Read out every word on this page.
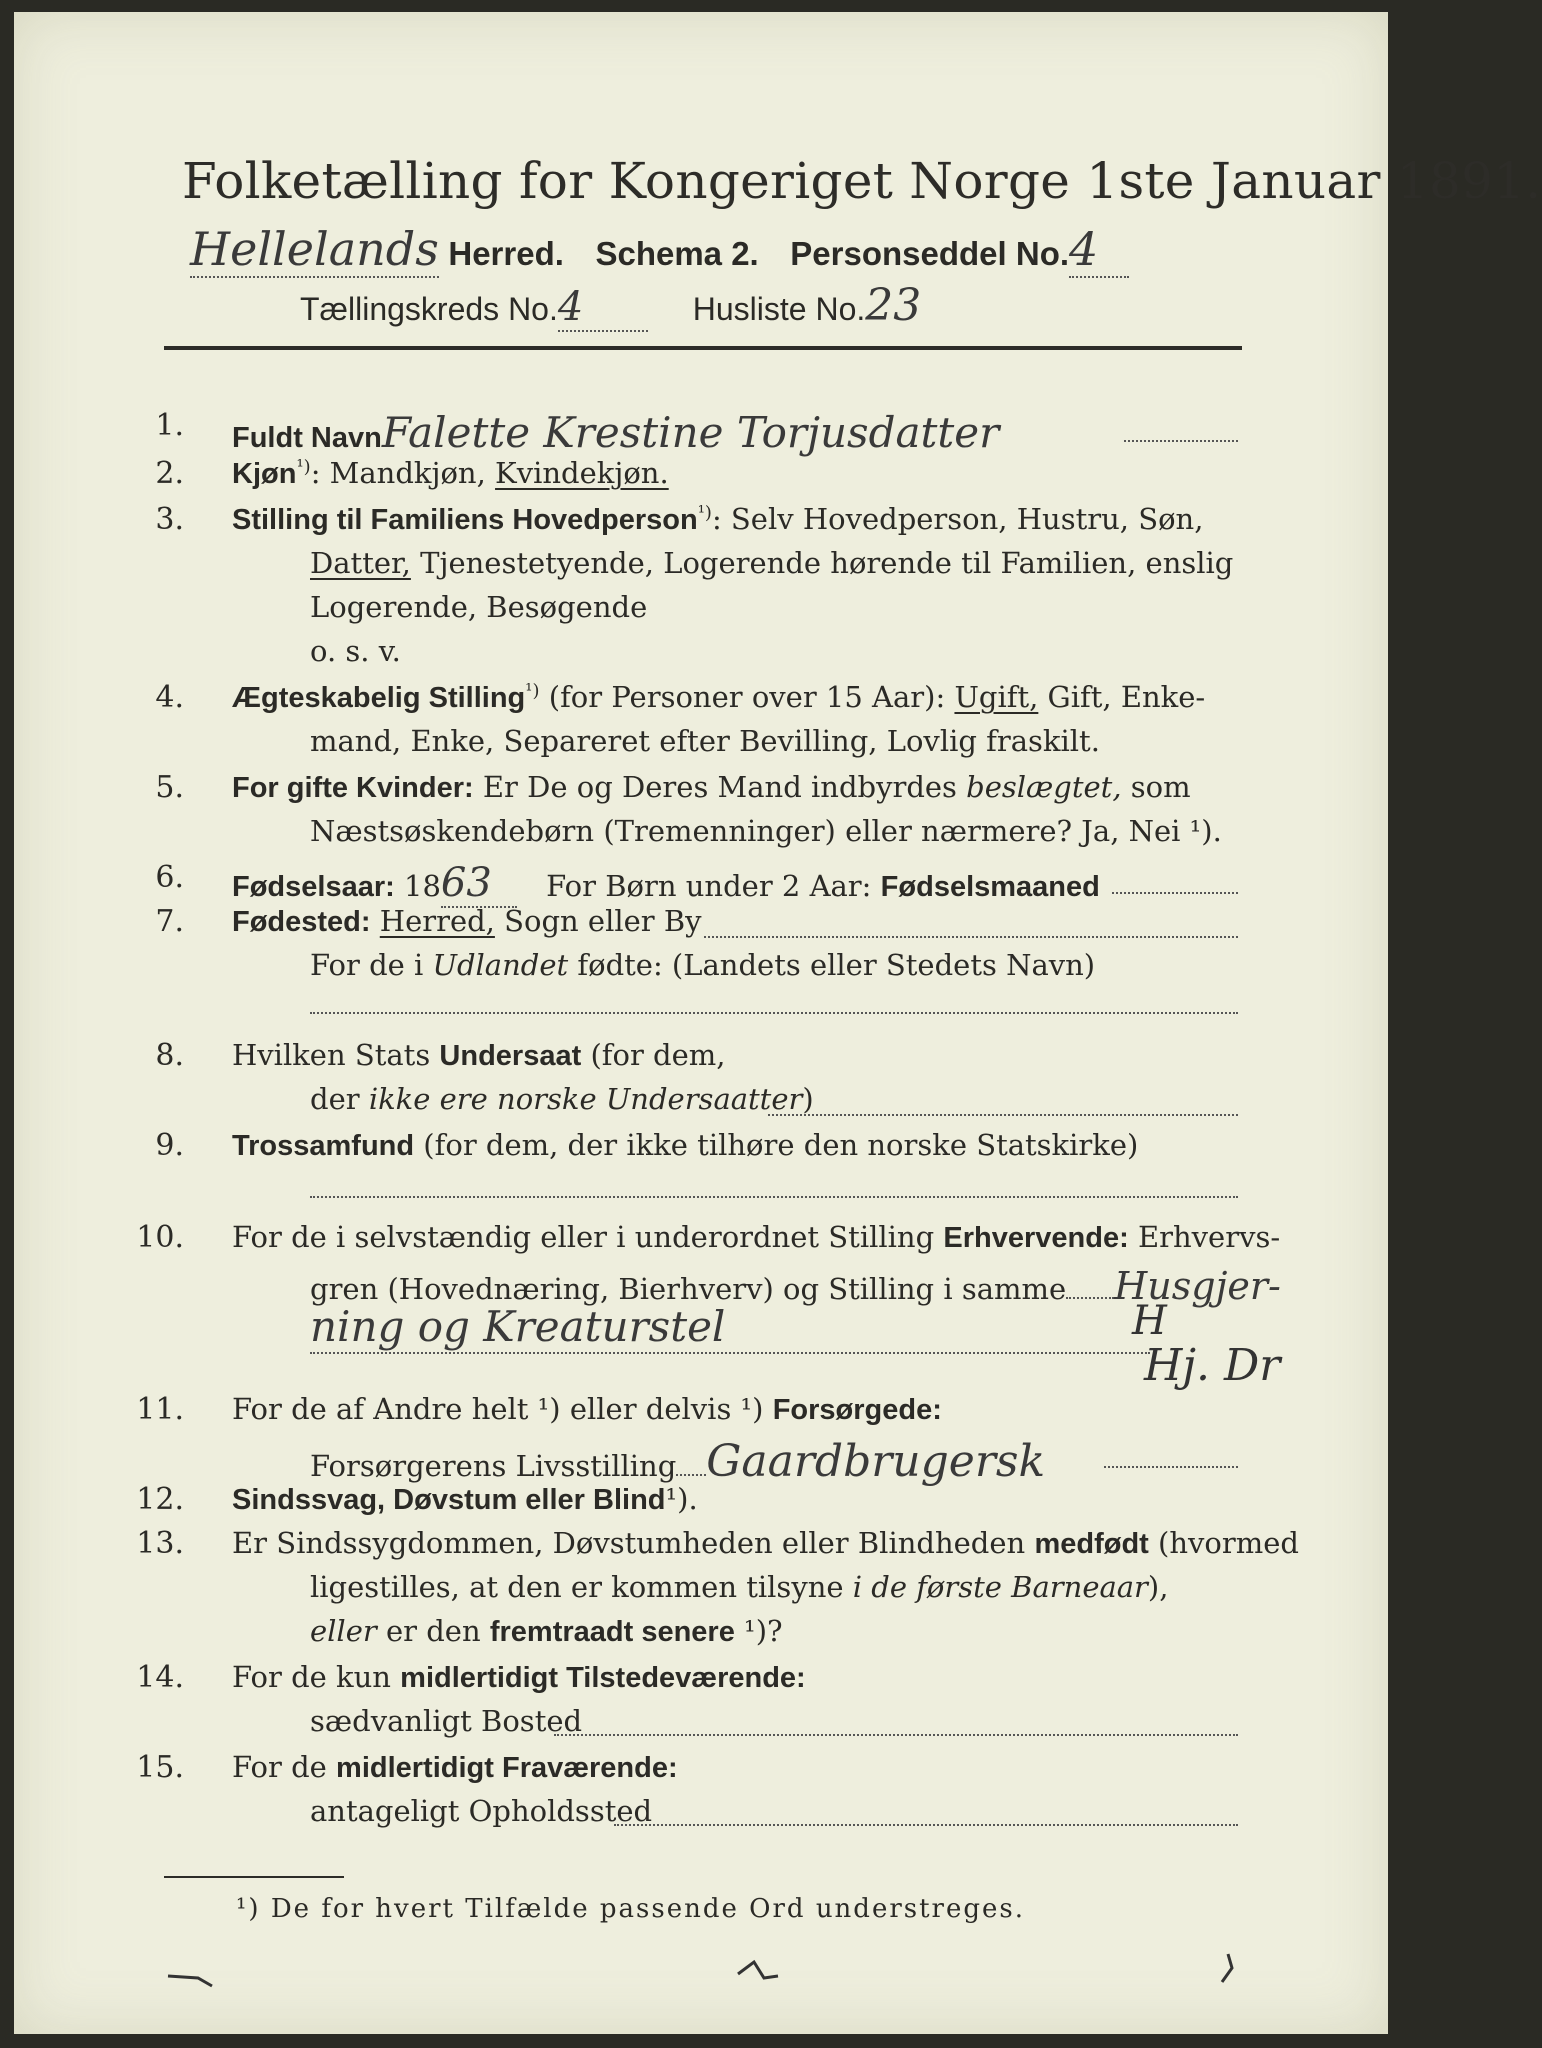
Folketælling for Kongeriget Norge 1ste Januar 1891.
Hellelands Herred. Schema 2. Personseddel No.4
Tællingskreds No.4	Husliste No.23
1. Fuldt NavnFalette Krestine Torjusdatter
2. Kjøn$^{^1)}$: Mandkjøn, Kvindekjøn.
3. Stilling til Familiens Hovedperson$^{^1)}$: Selv Hovedperson, Hustru, Søn,
Datter, Tjenestetyende, Logerende hørende til Familien, enslig
Logerende, Besøgende
o. s. v.
4. Ægteskabelig Stilling$^{^1)}$ (for Personer over 15 Aar): Ugift, Gift, Enke-
mand, Enke, Separeret efter Bevilling, Lovlig fraskilt.
5. For gifte Kvinder: Er De og Deres Mand indbyrdes beslægtet, som
Næstsøskendebørn (Tremenninger) eller nærmere? Ja, Nei ¹).
6. Fødselsaar: 1863 For Børn under 2 Aar: Fødselsmaaned
7. Fødested: Herred, Sogn eller By
For de i Udlandet fødte: (Landets eller Stedets Navn)
8. Hvilken Stats Undersaat (for dem,
der ikke ere norske Undersaatter)
9. Trossamfund (for dem, der ikke tilhøre den norske Statskirke)
10. For de i selvstændig eller i underordnet Stilling Erhvervende: Erhvervs-
gren (Hovednæring, Bierhverv) og Stilling i samme Husgjer-
ning og Kreaturstel	H
Hj. Dr
11. For de af Andre helt ¹) eller delvis ¹) Forsørgede:
Forsørgerens Livsstilling Gaardbrugersk
12. Sindssvag, Døvstum eller Blind¹).
13. Er Sindssygdommen, Døvstumheden eller Blindheden medfødt (hvormed
ligestilles, at den er kommen tilsyne i de første Barneaar),
eller er den fremtraadt senere ¹)?
14. For de kun midlertidigt Tilstedeværende:
sædvanligt Bosted
15. For de midlertidigt Fraværende:
antageligt Opholdssted
¹) De for hvert Tilfælde passende Ord understreges.
